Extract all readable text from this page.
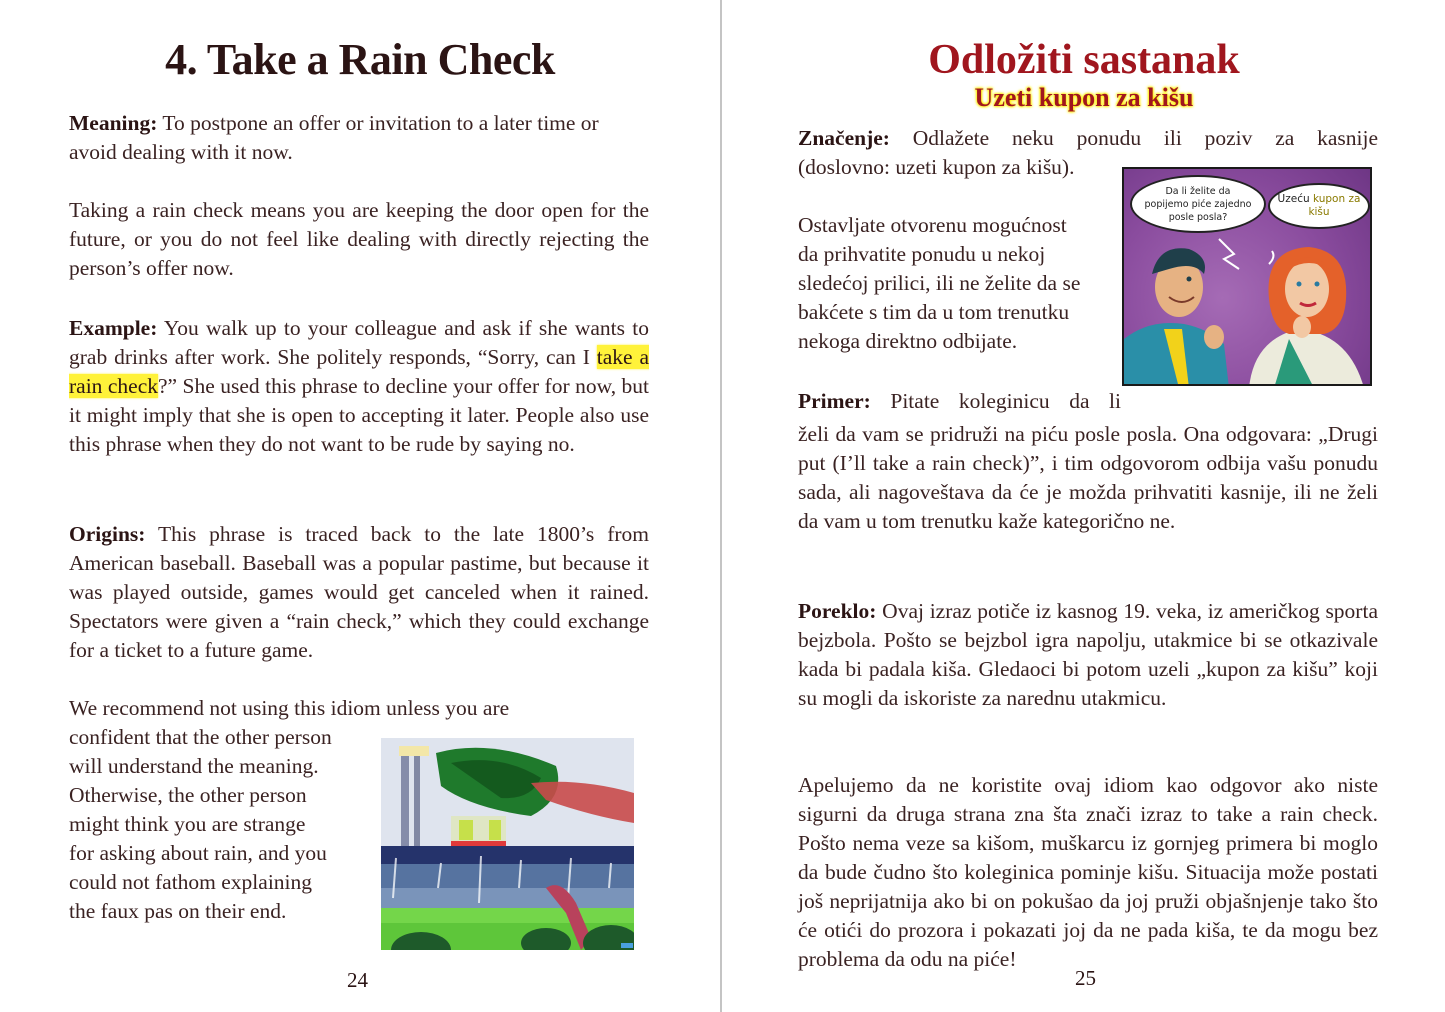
4. Take a Rain Check

Meaning: To postpone an offer or invitation to a later time or avoid dealing with it now.

Taking a rain check means you are keeping the door open for the future, or you do not feel like dealing with directly rejecting the person’s offer now.

Example: You walk up to your colleague and ask if she wants to grab drinks after work. She politely responds, “Sorry, can I take a rain check?” She used this phrase to decline your offer for now, but it might imply that she is open to accepting it later. People also use this phrase when they do not want to be rude by saying no.

Origins: This phrase is traced back to the late 1800’s from American baseball. Baseball was a popular pastime, but because it was played outside, games would get canceled when it rained. Spectators were given a “rain check,” which they could exchange for a ticket to a future game.

We recommend not using this idiom unless you are
confident that the other person
will understand the meaning.
Otherwise, the other person
might think you are strange
for asking about rain, and you
could not fathom explaining
the faux pas on their end.
24
Odložiti sastanak
Uzeti kupon za kišu
Značenje: Odlažete neku ponudu ili poziv za kasnije
(doslovno: uzeti kupon za kišu).
Ostavljate otvorenu mogućnost
da prihvatite ponudu u nekoj
sledećoj prilici, ili ne želite da se
bakćete s tim da u tom trenutku
nekoga direktno odbijate.
Primer: Pitate koleginicu da li

želi da vam se pridruži na piću posle posla. Ona odgovara: „Drugi put (I’ll take a rain check)”, i tim odgovorom odbija vašu ponudu sada, ali nagoveštava da će je možda prihvatiti kasnije, ili ne želi da vam u tom trenutku kaže kategorično ne.

Poreklo: Ovaj izraz potiče iz kasnog 19. veka, iz američkog sporta bejzbola. Pošto se bejzbol igra napolju, utakmice bi se otkazivale kada bi padala kiša. Gledaoci bi potom uzeli „kupon za kišu” koji su mogli da iskoriste za narednu utakmicu.

Apelujemo da ne koristite ovaj idiom kao odgovor ako niste sigurni da druga strana zna šta znači izraz to take a rain check. Pošto nema veze sa kišom, muškarcu iz gornjeg primera bi moglo da bude čudno što koleginica pominje kišu. Situacija može postati još neprijatnija ako bi on pokušao da joj pruži objašnjenje tako što će otići do prozora i pokazati joj da ne pada kiša, te da mogu bez problema da odu na piće!

25
Da li želite da popijemo piće zajedno posle posla?
Uzeću kupon za kišu
